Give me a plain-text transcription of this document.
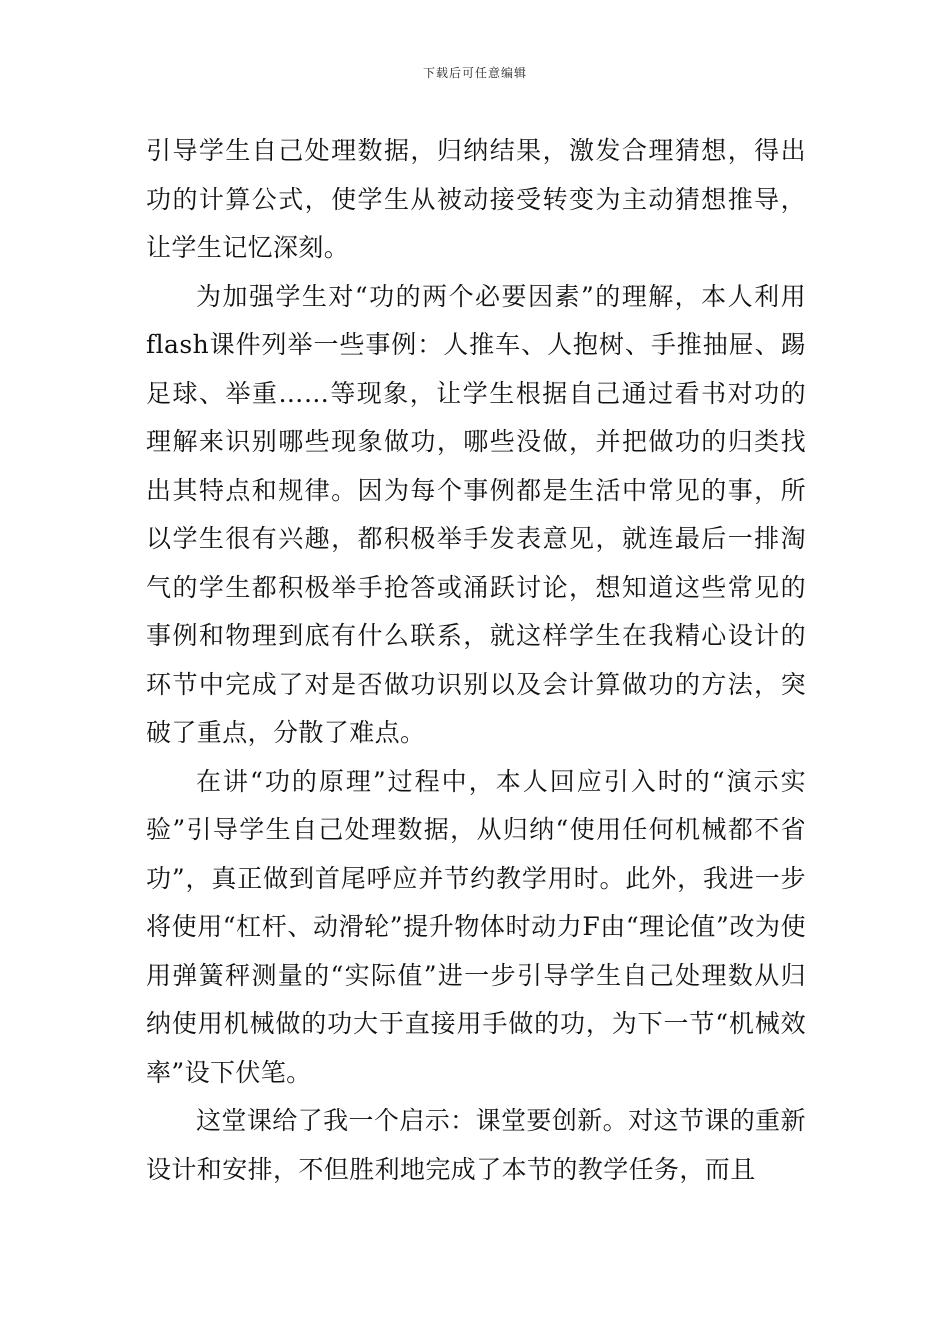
下载后可任意编辑

引导学生自己处理数据，归纳结果，激发合理猜想，得出功的计算公式，使学生从被动接受转变为主动猜想推导，让学生记忆深刻。

为加强学生对“功的两个必要因素”的理解，本人利用flash课件列举一些事例：人推车、人抱树、手推抽屉、踢足球、举重……等现象，让学生根据自己通过看书对功的理解来识别哪些现象做功，哪些没做，并把做功的归类找出其特点和规律。因为每个事例都是生活中常见的事，所以学生很有兴趣，都积极举手发表意见，就连最后一排淘气的学生都积极举手抢答或涌跃讨论，想知道这些常见的事例和物理到底有什么联系，就这样学生在我精心设计的环节中完成了对是否做功识别以及会计算做功的方法，突破了重点，分散了难点。

在讲“功的原理”过程中，本人回应引入时的“演示实验”引导学生自己处理数据，从归纳“使用任何机械都不省功”，真正做到首尾呼应并节约教学用时。此外，我进一步将使用“杠杆、动滑轮”提升物体时动力F由“理论值”改为使用弹簧秤测量的“实际值”进一步引导学生自己处理数从归纳使用机械做的功大于直接用手做的功，为下一节“机械效率”设下伏笔。

这堂课给了我一个启示：课堂要创新。对这节课的重新设计和安排，不但胜利地完成了本节的教学任务，而且
